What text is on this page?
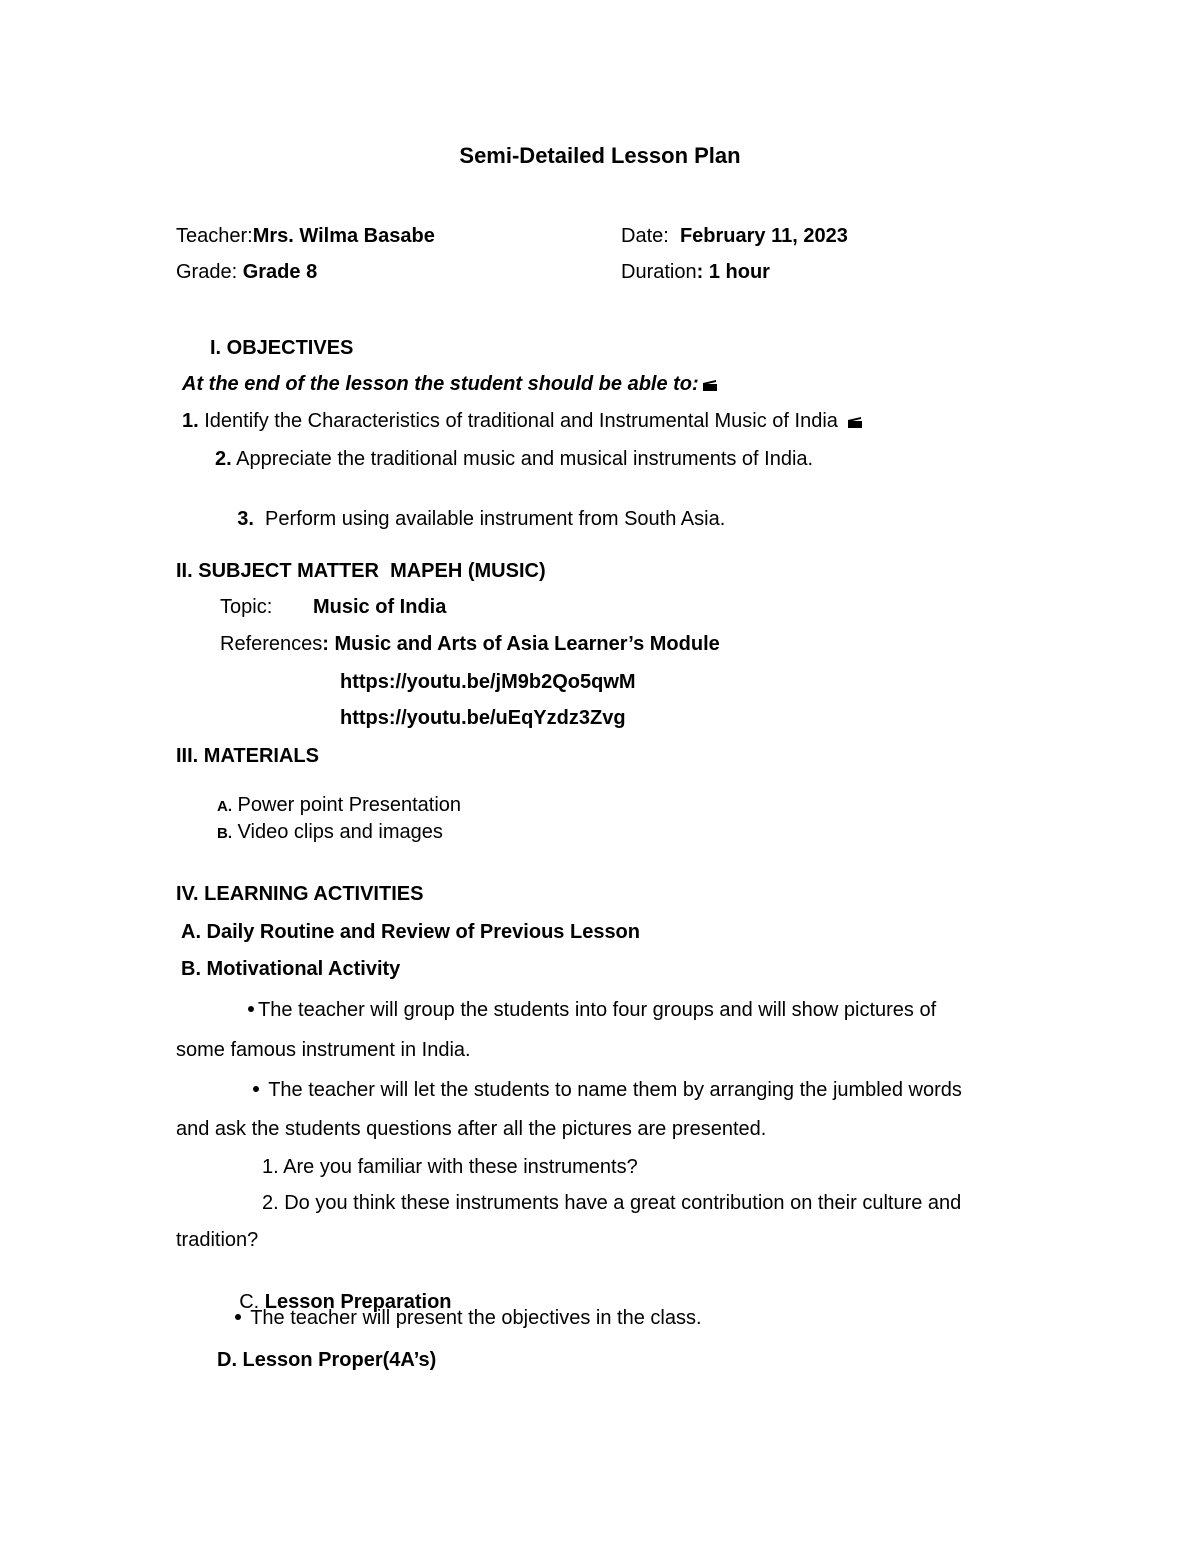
Semi-Detailed Lesson Plan
Teacher:Mrs. Wilma Basabe	Date: February 11, 2023
Grade: Grade 8	Duration: 1 hour
I. OBJECTIVES
At the end of the lesson the student should be able to:
1. Identify the Characteristics of traditional and Instrumental Music of India
2. Appreciate the traditional music and musical instruments of India.

3.  Perform using available instrument from South Asia.

II. SUBJECT MATTER  MAPEH (MUSIC)
Topic: Music of India
References: Music and Arts of Asia Learner’s Module
https://youtu.be/jM9b2Qo5qwM
https://youtu.be/uEqYzdz3Zvg
III. MATERIALS
A. Power point Presentation
B. Video clips and images
IV. LEARNING ACTIVITIES
A. Daily Routine and Review of Previous Lesson
B. Motivational Activity
The teacher will group the students into four groups and will show pictures of
some famous instrument in India.
The teacher will let the students to name them by arranging the jumbled words
and ask the students questions after all the pictures are presented.
1. Are you familiar with these instruments?
2. Do you think these instruments have a great contribution on their culture and
tradition?

C. Lesson Preparation

The teacher will present the objectives in the class.
D. Lesson Proper(4A’s)
